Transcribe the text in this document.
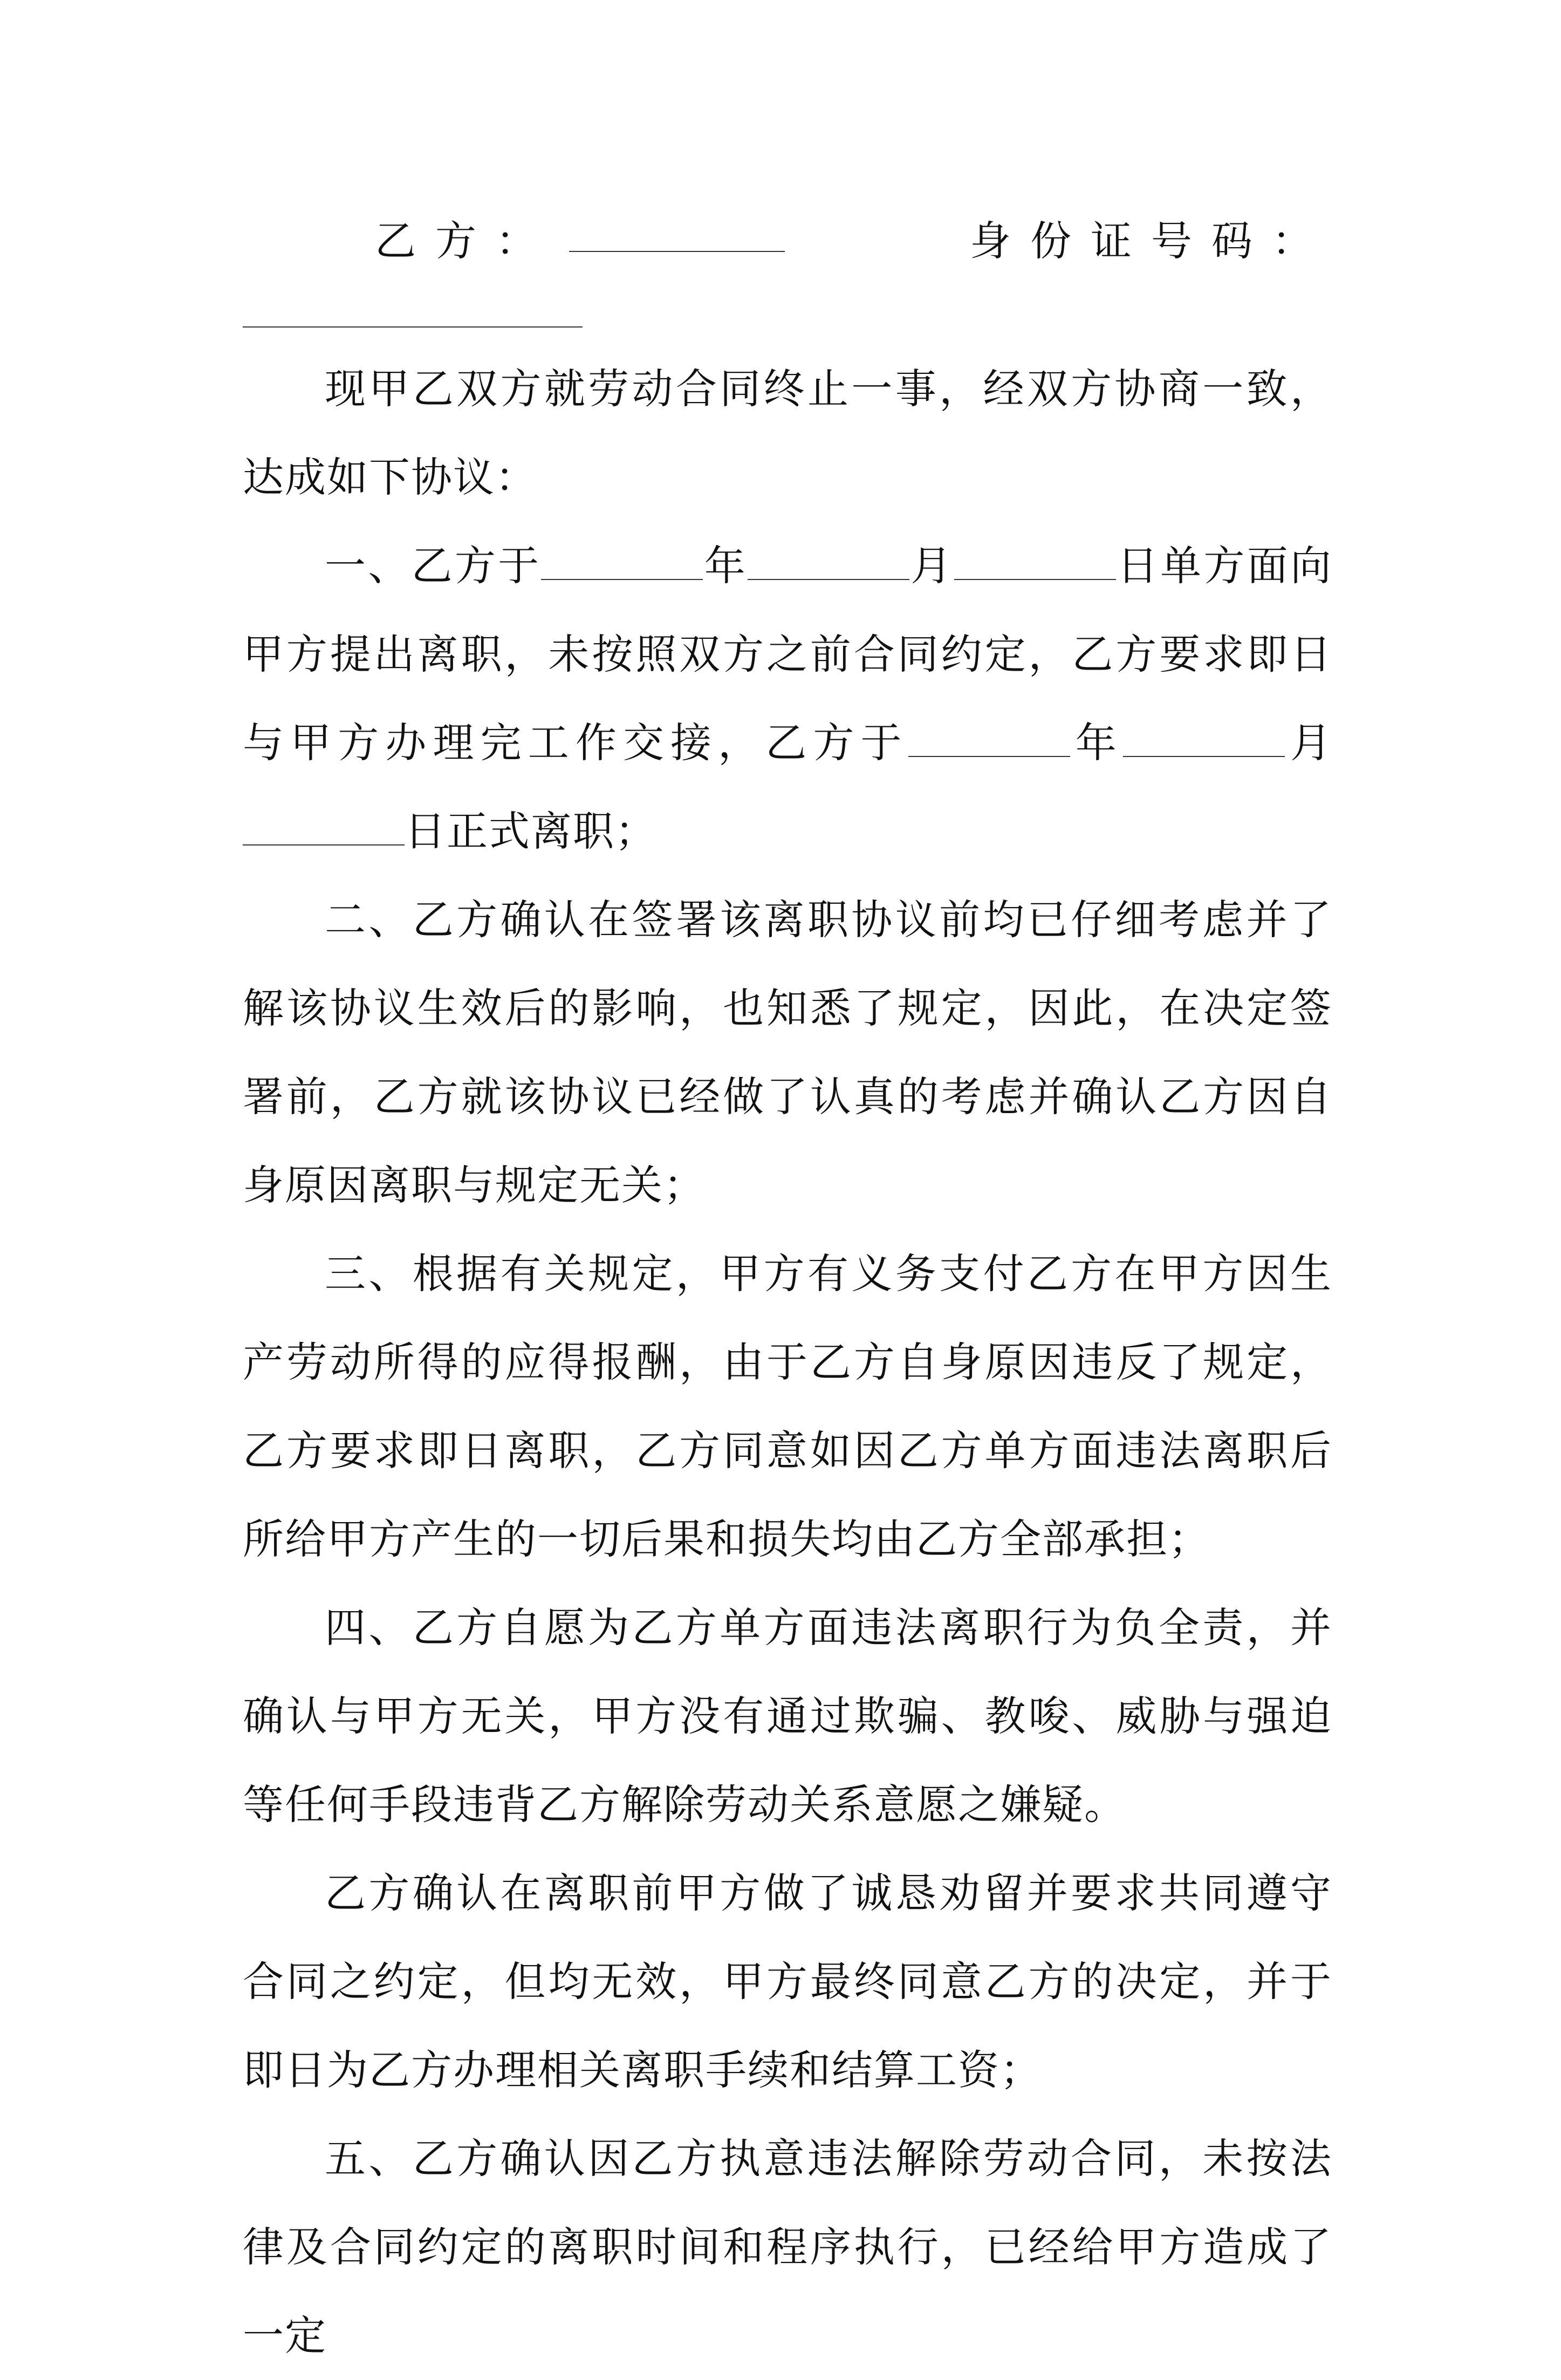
乙方：	身份证号码：

现甲乙双方就劳动合同终止一事，经双方协商一致，达成如下协议：

一、乙方于	年	月	日单方面向甲方提出离职，未按照双方之前合同约定，乙方要求即日与甲方办理完工作交接，乙方于	年	月日正式离职；

二、乙方确认在签署该离职协议前均已仔细考虑并了解该协议生效后的影响，也知悉了规定，因此，在决定签署前，乙方就该协议已经做了认真的考虑并确认乙方因自身原因离职与规定无关；

三、根据有关规定，甲方有义务支付乙方在甲方因生产劳动所得的应得报酬，由于乙方自身原因违反了规定，乙方要求即日离职，乙方同意如因乙方单方面违法离职后所给甲方产生的一切后果和损失均由乙方全部承担；

四、乙方自愿为乙方单方面违法离职行为负全责，并确认与甲方无关，甲方没有通过欺骗、教唆、威胁与强迫等任何手段违背乙方解除劳动关系意愿之嫌疑。

乙方确认在离职前甲方做了诚恳劝留并要求共同遵守合同之约定，但均无效，甲方最终同意乙方的决定，并于即日为乙方办理相关离职手续和结算工资；

五、乙方确认因乙方执意违法解除劳动合同，未按法律及合同约定的离职时间和程序执行，已经给甲方造成了一定
